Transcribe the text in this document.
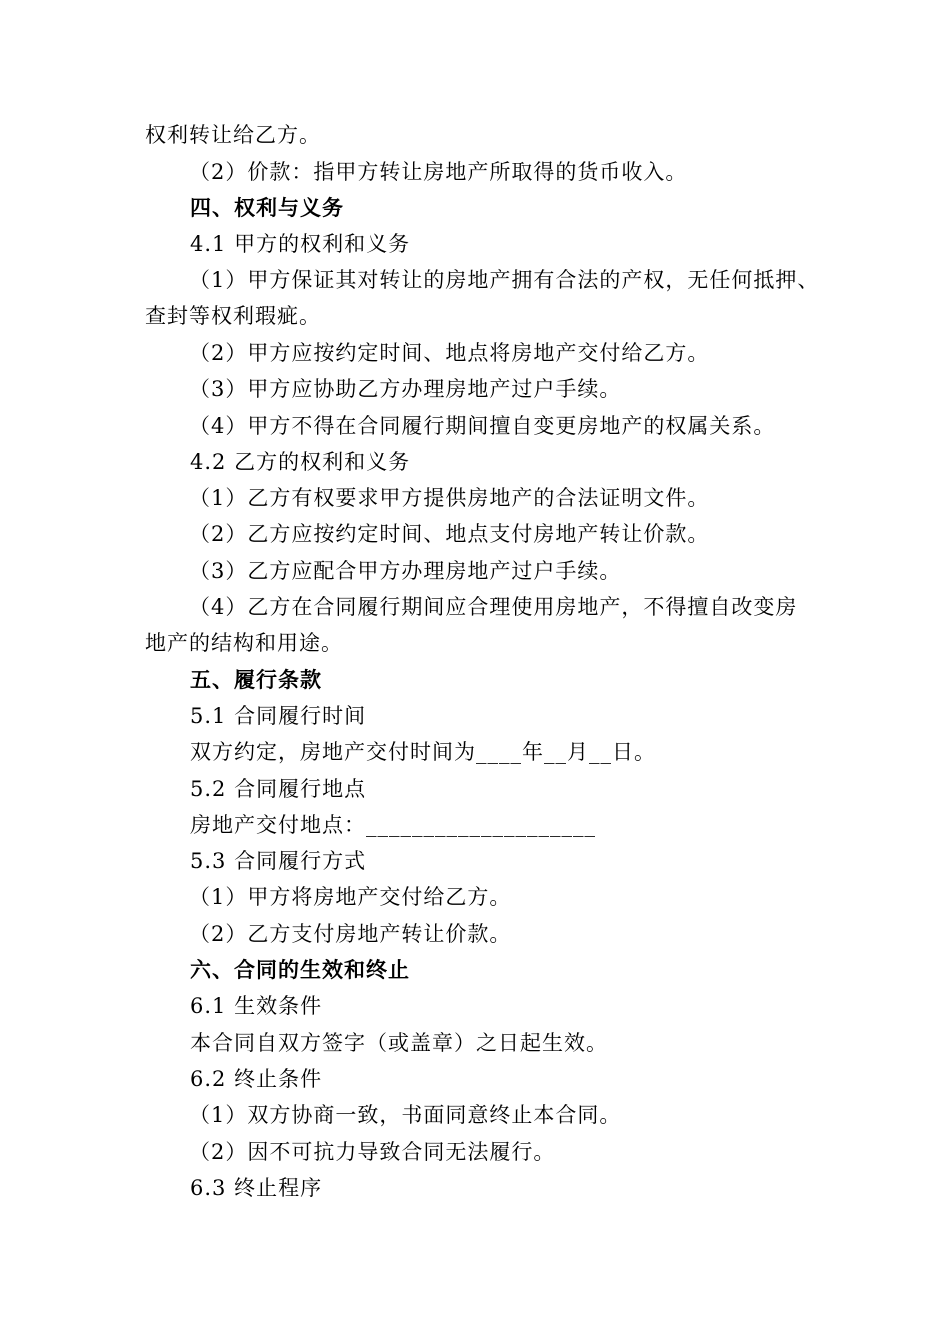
权利转让给乙方。
（2）价款：指甲方转让房地产所取得的货币收入。
四、权利与义务
4.1 甲方的权利和义务
（1）甲方保证其对转让的房地产拥有合法的产权，无任何抵押、
查封等权利瑕疵。
（2）甲方应按约定时间、地点将房地产交付给乙方。
（3）甲方应协助乙方办理房地产过户手续。
（4）甲方不得在合同履行期间擅自变更房地产的权属关系。
4.2 乙方的权利和义务
（1）乙方有权要求甲方提供房地产的合法证明文件。
（2）乙方应按约定时间、地点支付房地产转让价款。
（3）乙方应配合甲方办理房地产过户手续。
（4）乙方在合同履行期间应合理使用房地产，不得擅自改变房
地产的结构和用途。
五、履行条款
5.1 合同履行时间
双方约定，房地产交付时间为____年__月__日。
5.2 合同履行地点
房地产交付地点：____________________
5.3 合同履行方式
（1）甲方将房地产交付给乙方。
（2）乙方支付房地产转让价款。
六、合同的生效和终止
6.1 生效条件
本合同自双方签字（或盖章）之日起生效。
6.2 终止条件
（1）双方协商一致，书面同意终止本合同。
（2）因不可抗力导致合同无法履行。
6.3 终止程序
